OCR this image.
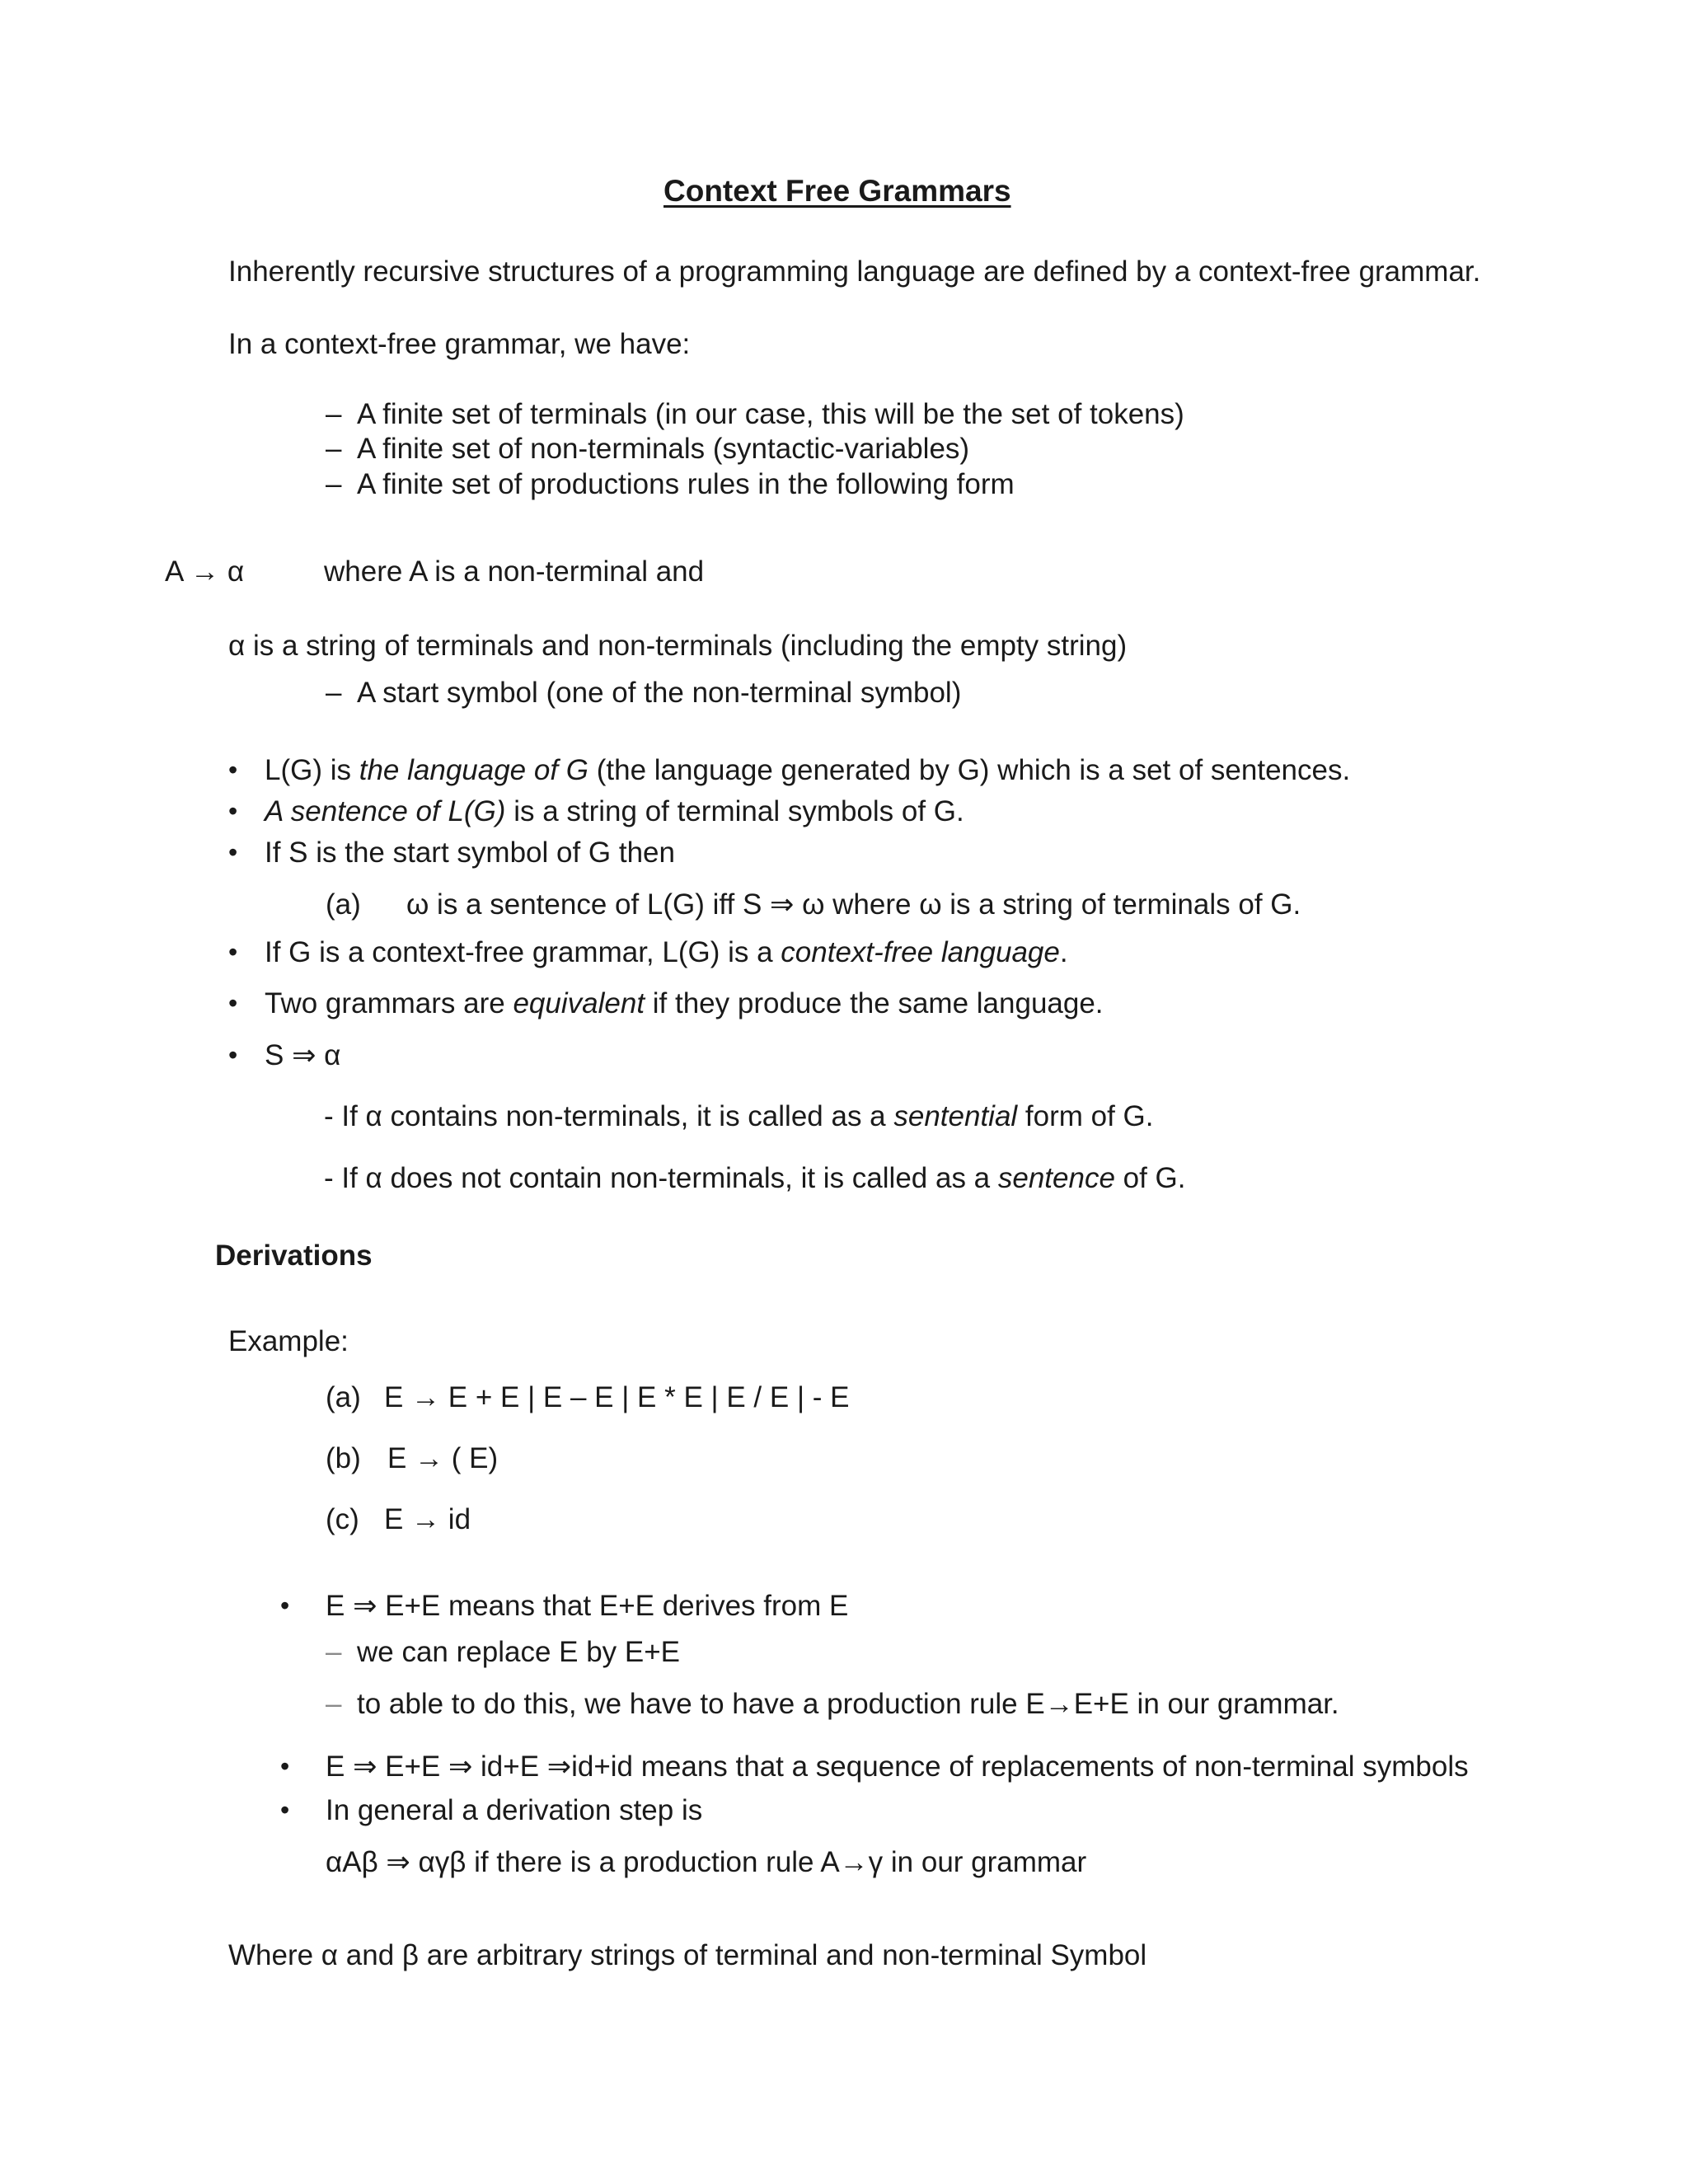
Context Free Grammars
Inherently recursive structures of a programming language are defined by a context-free grammar.
In a context-free grammar, we have:
– A finite set of terminals (in our case, this will be the set of tokens)
– A finite set of non-terminals (syntactic-variables)
– A finite set of productions rules in the following form
A → α	where A is a non-terminal and
α is a string of terminals and non-terminals (including the empty string)
– A start symbol (one of the non-terminal symbol)
• L(G) is the language of G (the language generated by G) which is a set of sentences.
• A sentence of L(G) is a string of terminal symbols of G.
• If S is the start symbol of G then
(a) ω is a sentence of L(G) iff S ⇒ ω where ω is a string of terminals of G.
• If G is a context-free grammar, L(G) is a context-free language.
• Two grammars are equivalent if they produce the same language.
• S ⇒ α
- If α contains non-terminals, it is called as a sentential form of G.
- If α does not contain non-terminals, it is called as a sentence of G.
Derivations
Example:
(a) E → E + E | E – E | E * E | E / E | - E
(b) E → ( E)
(c) E → id
• E ⇒ E+E means that E+E derives from E
– we can replace E by E+E
– to able to do this, we have to have a production rule E→E+E in our grammar.
• E ⇒ E+E ⇒ id+E ⇒id+id means that a sequence of replacements of non-terminal symbols
• In general a derivation step is
αAβ ⇒ αγβ if there is a production rule A→γ in our grammar
Where α and β are arbitrary strings of terminal and non-terminal Symbol
